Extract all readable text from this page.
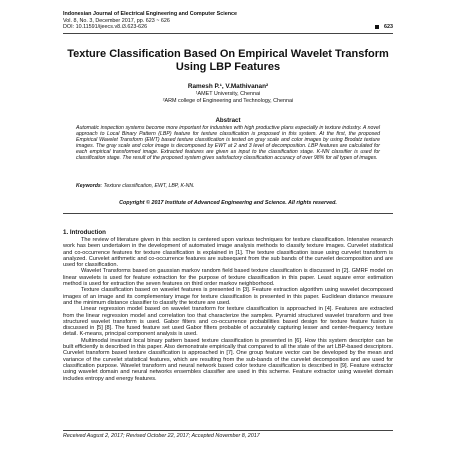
Indonesian Journal of Electrical Engineering and Computer Science
Vol. 8, No. 3, December 2017, pp. 623 ~ 626
DOI: 10.11591/ijeecs.v8.i3.623-626	623
Texture Classification Based On Empirical Wavelet Transform Using LBP Features
Ramesh P.¹, V.Mathivanan²
¹AMET University, Chennai
²ARM college of Engineering and Technology, Chennai
Abstract
Automatic inspection systems become more important for industries with high productive plans especially in texture industry. A novel approach to Local Binary Pattern (LBP) feature for texture classification is proposed in this system. At the first, the proposed Empirical Wavelet Transform (EWT) based texture classification is tested on gray scale and color images by using Brodatz texture images. The gray scale and color image is decomposed by EWT at 2 and 3 level of decomposition. LBP features are calculated for each empirical transformed image. Extracted features are given as input to the classification stage. K-NN classifier is used for classification stage. The result of the proposed system gives satisfactory classification accuracy of over 98% for all types of images.
Keywords: Texture classification, EWT, LBP, K-NN.
Copyright © 2017 Institute of Advanced Engineering and Science. All rights reserved.
1. Introduction

The review of literature given in this section is centered upon various techniques for texture classification. Intensive research work has been undertaken in the development of automated image analysis methods to classify texture images. Curvelet statistical and co-occurrence features for texture classification is explained in [1]. The texture classification issue using curvelet transform is analyzed. Curvelet arithmetic and co-occurrence features are subsequent from the sub bands of the curvelet decomposition and are used for classification.

Wavelet Transforms based on gaussian markov random field based texture classification is discussed in [2]. GMRF model on linear wavelets is used for feature extraction for the purpose of texture classification in this paper. Least square error estimation method is used for extraction the seven features on third order markov neighborhood.

Texture classification based on wavelet features is presented in [3]. Feature extraction algorithm using wavelet decomposed images of an image and its complementary image for texture classification is presented in this paper. Euclidean distance measure and the minimum distance classifier to classify the texture are used.

Linear regression model based on wavelet transform for texture classification is approached in [4]. Features are extracted from the linear regression model and correlation too that characterize the samples. Pyramid structured wavelet transform and tree structured wavelet transform is used. Gabor filters and co-occurrence probabilities based design for texture feature fusion is discussed in [5] [8]. The fused feature set used Gabor filters probable of accurately capturing lesser and center-frequency texture detail. K-means, principal component analysis is used.

Multimodal invariant local binary pattern based texture classification is presented in [6]. How this system descriptor can be built efficiently is described in this paper. Also demonstrate empirically that compared to all the state of the art LBP-based descriptors. Curvelet transform based texture classification is approached in [7]. One group feature vector can be developed by the mean and variance of the curvelet statistical features, which are resulting from the sub-bands of the curvelet decomposition and are used for classification purpose. Wavelet transform and neural network based color texture classification is described in [9]. Feature extractor using wavelet domain and neural networks ensembles classifier are used in this scheme. Feature extractor using wavelet domain includes entropy and energy features.

Received August 2, 2017; Revised October 22, 2017; Accepted November 8, 2017
